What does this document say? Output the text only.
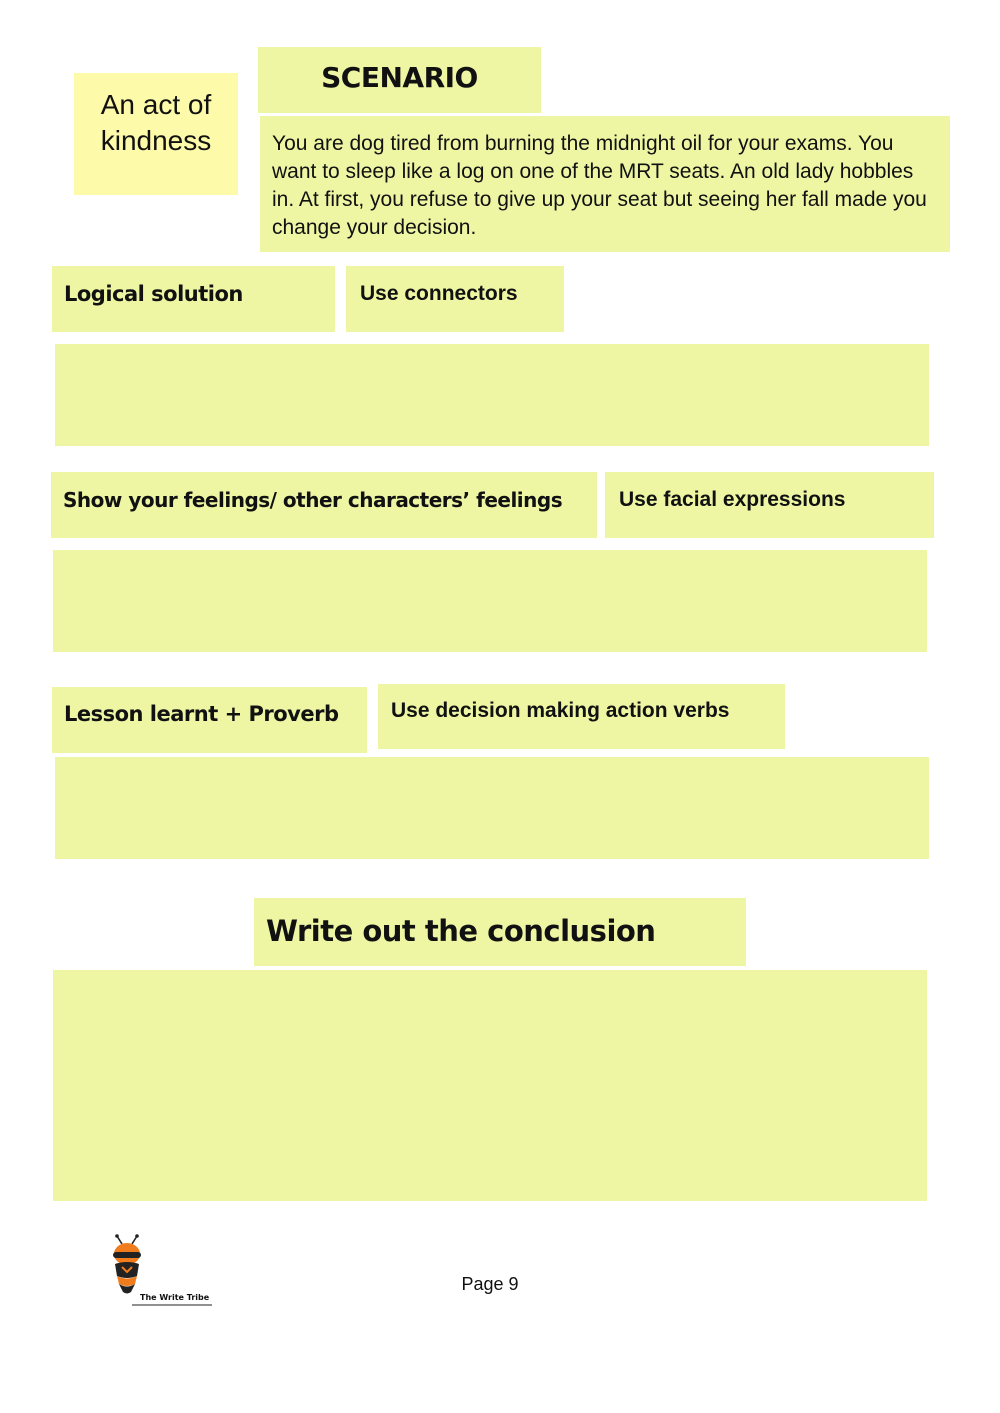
An act of kindness
SCENARIO
You are dog tired from burning the midnight oil for your exams. You want to sleep like a log on one of the MRT seats. An old lady hobbles in. At first, you refuse to give up your seat but seeing her fall made you change your decision.
Logical solution	Use connectors
Show your feelings/ other characters’ feelings	Use facial expressions
Lesson learnt + Proverb	Use decision making action verbs
Write out the conclusion
The Write Tribe
Page 9
